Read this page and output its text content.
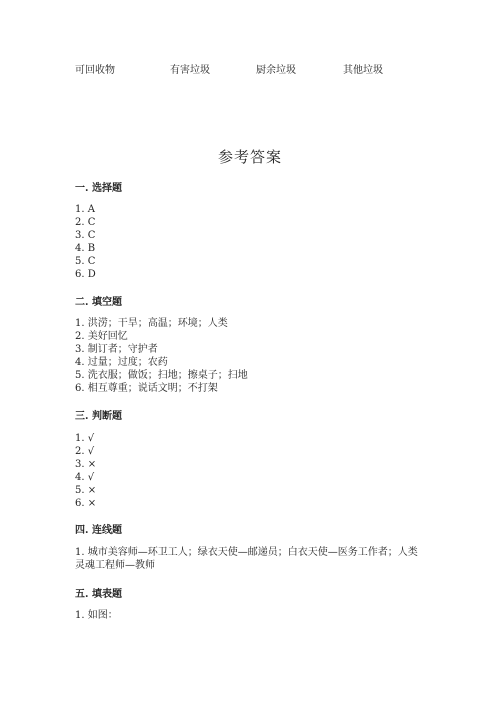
可回收物	有害垃圾	厨余垃圾	其他垃圾
参考答案
一. 选择题
1. A
2. C
3. C
4. B
5. C
6. D
二. 填空题
1. 洪涝；干旱；高温；环境；人类
2. 美好回忆
3. 制订者；守护者
4. 过量；过度；农药
5. 洗衣服；做饭；扫地；擦桌子；扫地
6. 相互尊重；说话文明；不打架
三. 判断题
1. √
2. √
3. ×
4. √
5. ×
6. ×
四. 连线题
1. 城市美容师—环卫工人；绿衣天使—邮递员；白衣天使—医务工作者；人类
灵魂工程师—教师
五. 填表题
1. 如图：
